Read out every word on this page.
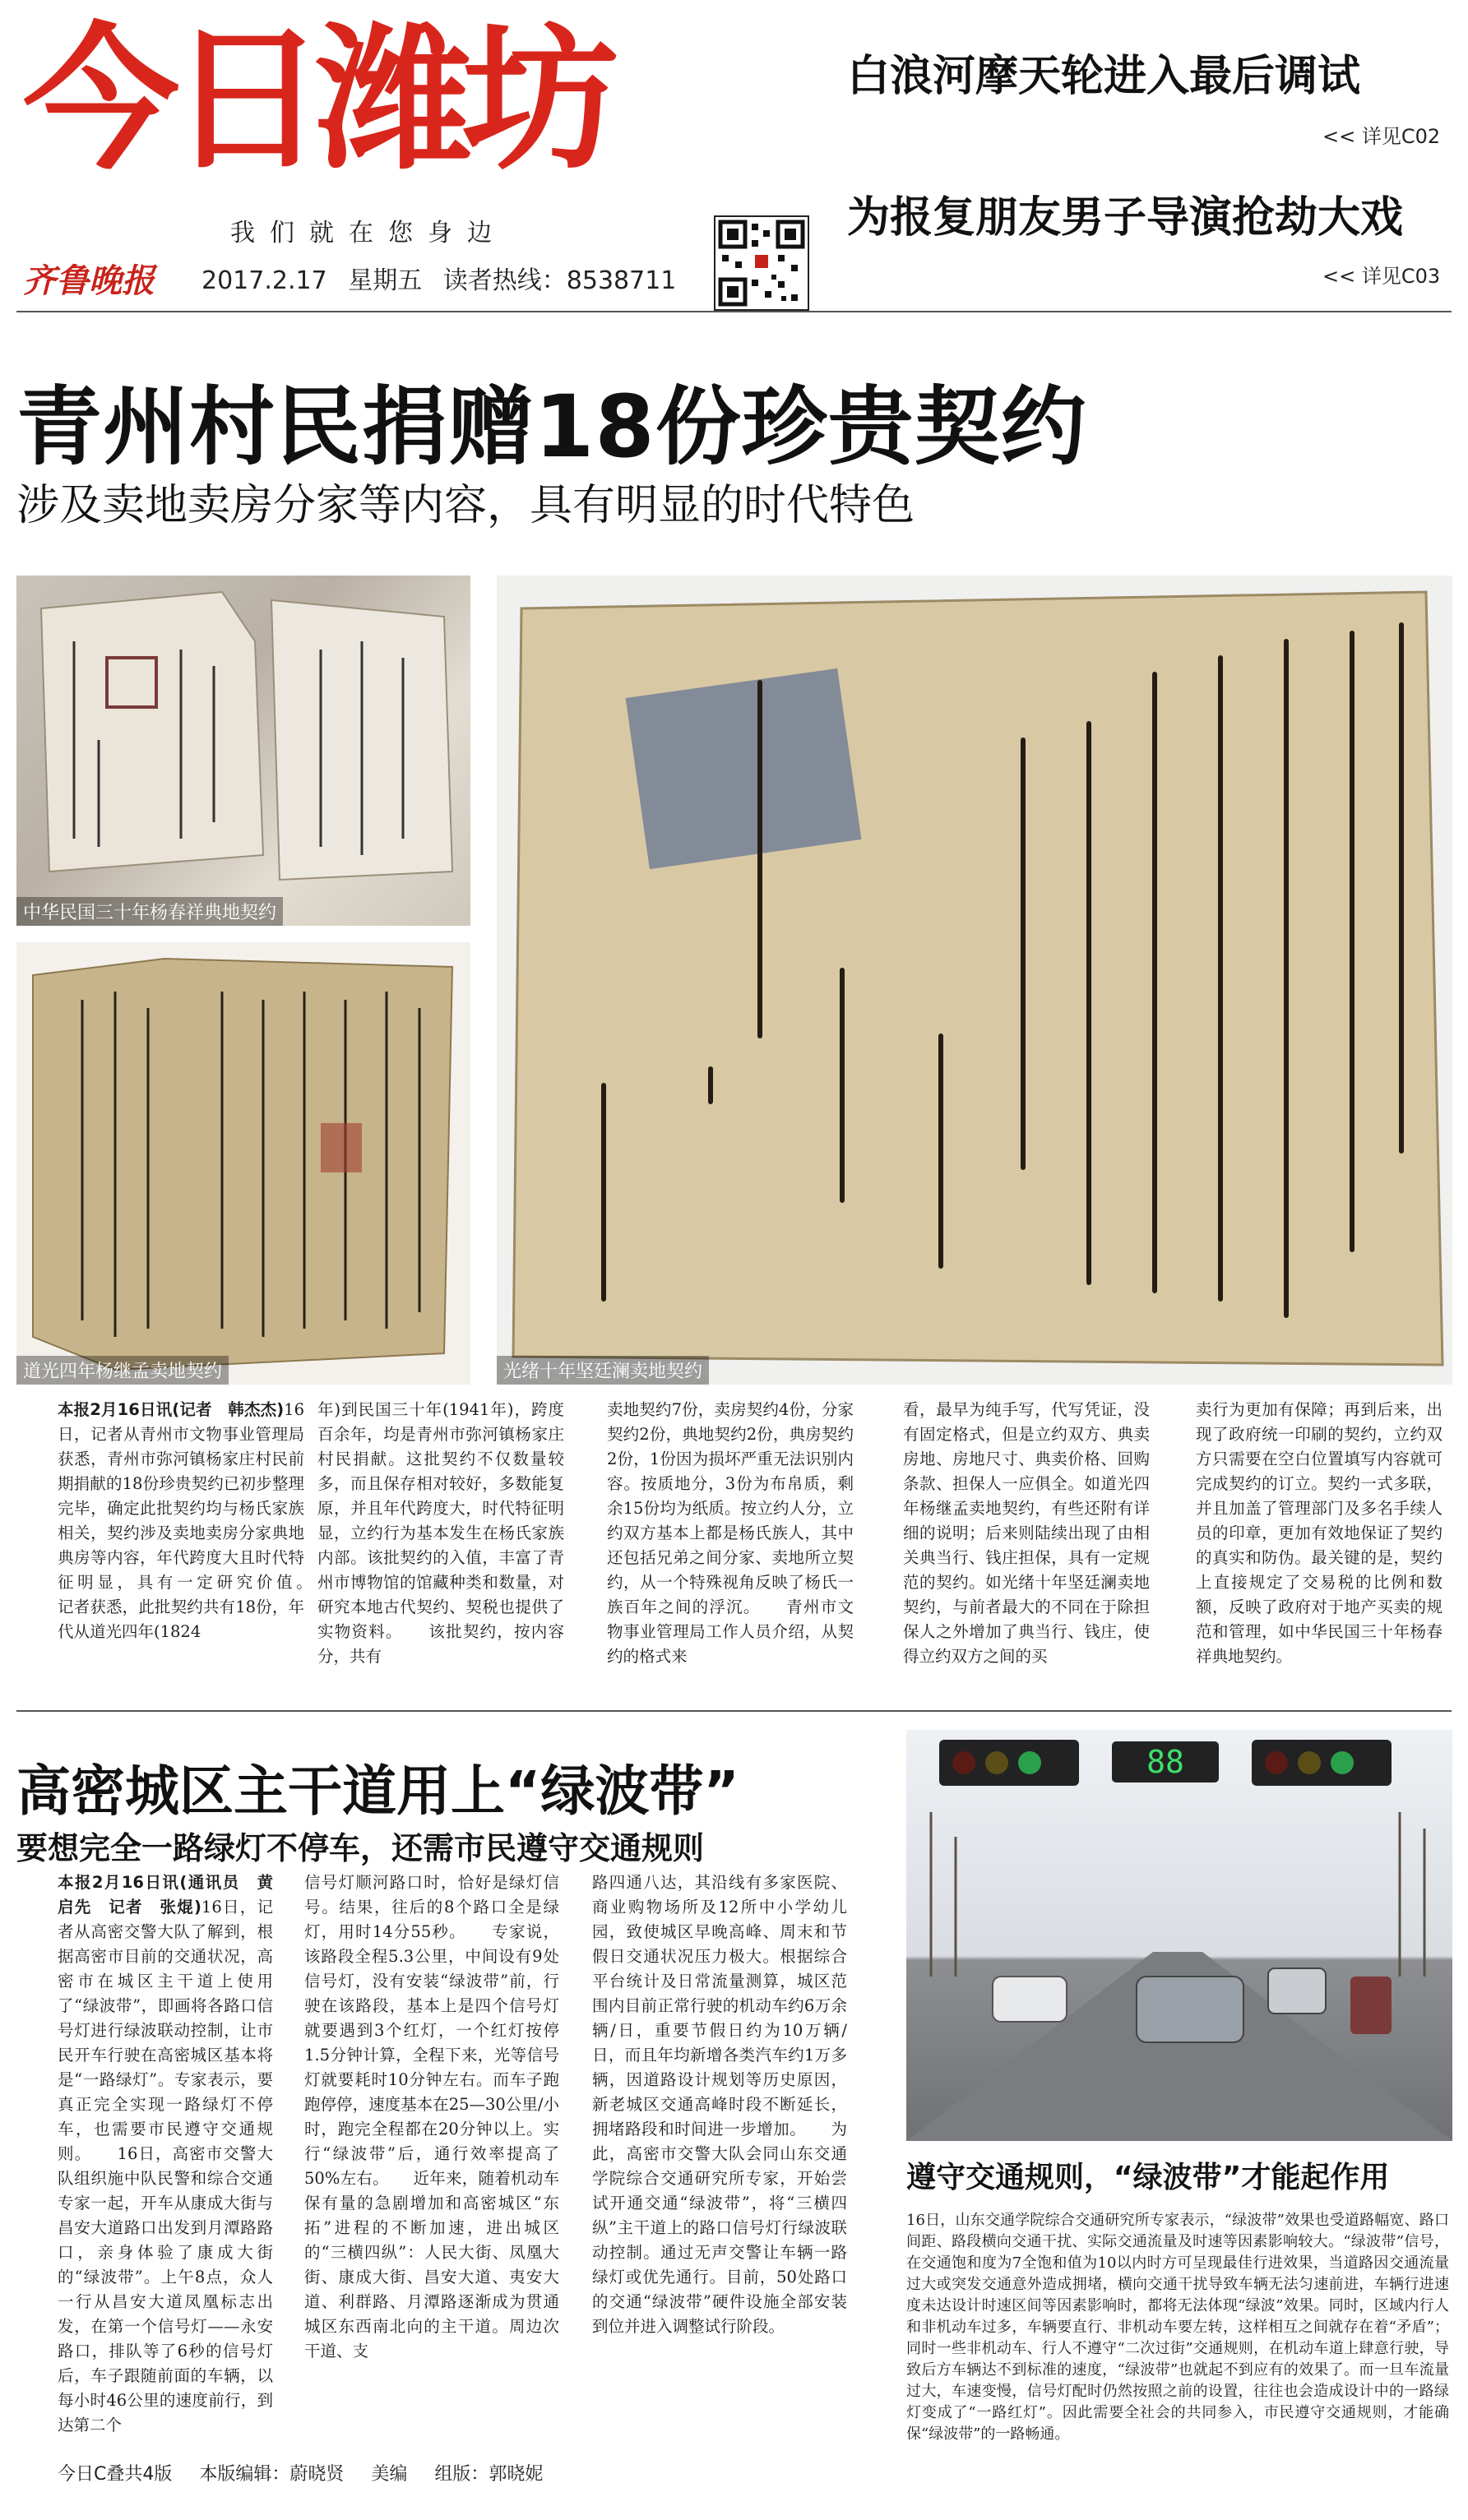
今日潍坊
我们就在您身边
齐鲁晚报 2017.2.17 星期五 读者热线：8538711
白浪河摩天轮进入最后调试
<< 详见C02
为报复朋友男子导演抢劫大戏
<< 详见C03
青州村民捐赠18份珍贵契约
涉及卖地卖房分家等内容，具有明显的时代特色
中华民国三十年杨春祥典地契约
道光四年杨继孟卖地契约	光绪十年坚廷澜卖地契约
本报2月16日讯(记者　韩杰杰)16日，记者从青州市文物事业管理局获悉，青州市弥河镇杨家庄村民前期捐献的18份珍贵契约已初步整理完毕，确定此批契约均与杨氏家族相关，契约涉及卖地卖房分家典地典房等内容，年代跨度大且时代特征明显，具有一定研究价值。　　记者获悉，此批契约共有18份，年代从道光四年(1824
年)到民国三十年(1941年)，跨度百余年，均是青州市弥河镇杨家庄村民捐献。这批契约不仅数量较多，而且保存相对较好，多数能复原，并且年代跨度大，时代特征明显，立约行为基本发生在杨氏家族内部。该批契约的入值，丰富了青州市博物馆的馆藏种类和数量，对研究本地古代契约、契税也提供了实物资料。　　该批契约，按内容分，共有
卖地契约7份，卖房契约4份，分家契约2份，典地契约2份，典房契约2份，1份因为损坏严重无法识别内容。按质地分，3份为布帛质，剩余15份均为纸质。按立约人分，立约双方基本上都是杨氏族人，其中还包括兄弟之间分家、卖地所立契约，从一个特殊视角反映了杨氏一族百年之间的浮沉。　　青州市文物事业管理局工作人员介绍，从契约的格式来
看，最早为纯手写，代写凭证，没有固定格式，但是立约双方、典卖房地、房地尺寸、典卖价格、回购条款、担保人一应俱全。如道光四年杨继孟卖地契约，有些还附有详细的说明；后来则陆续出现了由相关典当行、钱庄担保，具有一定规范的契约。如光绪十年坚廷澜卖地契约，与前者最大的不同在于除担保人之外增加了典当行、钱庄，使得立约双方之间的买
卖行为更加有保障；再到后来，出现了政府统一印刷的契约，立约双方只需要在空白位置填写内容就可完成契约的订立。契约一式多联，并且加盖了管理部门及多名手续人员的印章，更加有效地保证了契约的真实和防伪。最关键的是，契约上直接规定了交易税的比例和数额，反映了政府对于地产买卖的规范和管理，如中华民国三十年杨春祥典地契约。
高密城区主干道用上“绿波带”
要想完全一路绿灯不停车，还需市民遵守交通规则
88
遵守交通规则，“绿波带”才能起作用
本报2月16日讯(通讯员　黄启先　记者　张焜)16日，记者从高密交警大队了解到，根据高密市目前的交通状况，高密市在城区主干道上使用了“绿波带”，即画将各路口信号灯进行绿波联动控制，让市民开车行驶在高密城区基本将是“一路绿灯”。专家表示，要真正完全实现一路绿灯不停车，也需要市民遵守交通规则。　　16日，高密市交警大队组织施中队民警和综合交通专家一起，开车从康成大街与昌安大道路口出发到月潭路路口，亲身体验了康成大街的“绿波带”。上午8点，众人一行从昌安大道凤凰标志出发，在第一个信号灯——永安路口，排队等了6秒的信号灯后，车子跟随前面的车辆，以每小时46公里的速度前行，到达第二个
信号灯顺河路口时，恰好是绿灯信号。结果，往后的8个路口全是绿灯，用时14分55秒。　　专家说，该路段全程5.3公里，中间设有9处信号灯，没有安装“绿波带”前，行驶在该路段，基本上是四个信号灯就要遇到3个红灯，一个红灯按停1.5分钟计算，全程下来，光等信号灯就要耗时10分钟左右。而车子跑跑停停，速度基本在25—30公里/小时，跑完全程都在20分钟以上。实行“绿波带”后，通行效率提高了50%左右。　　近年来，随着机动车保有量的急剧增加和高密城区“东拓”进程的不断加速，进出城区的“三横四纵”：人民大街、凤凰大街、康成大街、昌安大道、夷安大道、利群路、月潭路逐渐成为贯通城区东西南北向的主干道。周边次干道、支
路四通八达，其沿线有多家医院、商业购物场所及12所中小学幼儿园，致使城区早晚高峰、周末和节假日交通状况压力极大。根据综合平台统计及日常流量测算，城区范围内目前正常行驶的机动车约6万余辆/日，重要节假日约为10万辆/日，而且年均新增各类汽车约1万多辆，因道路设计规划等历史原因，新老城区交通高峰时段不断延长，拥堵路段和时间进一步增加。　　为此，高密市交警大队会同山东交通学院综合交通研究所专家，开始尝试开通交通“绿波带”，将“三横四纵”主干道上的路口信号灯行绿波联动控制。通过无声交警让车辆一路绿灯或优先通行。目前，50处路口的交通“绿波带”硬件设施全部安装到位并进入调整试行阶段。
16日，山东交通学院综合交通研究所专家表示，“绿波带”效果也受道路幅宽、路口间距、路段横向交通干扰、实际交通流量及时速等因素影响较大。“绿波带”信号，在交通饱和度为7全饱和值为10以内时方可呈现最佳行进效果，当道路因交通流量过大或突发交通意外造成拥堵，横向交通干扰导致车辆无法匀速前进，车辆行进速度未达设计时速区间等因素影响时，都将无法体现“绿波”效果。同时，区域内行人和非机动车过多，车辆要直行、非机动车要左转，这样相互之间就存在着“矛盾”；同时一些非机动车、行人不遵守“二次过街”交通规则，在机动车道上肆意行驶，导致后方车辆达不到标准的速度，“绿波带”也就起不到应有的效果了。而一旦车流量过大，车速变慢，信号灯配时仍然按照之前的设置，往往也会造成设计中的一路绿灯变成了“一路红灯”。因此需要全社会的共同参入，市民遵守交通规则，才能确保“绿波带”的一路畅通。
今日C叠共4版 本版编辑：蔚晓贤 美编 组版：郭晓妮
